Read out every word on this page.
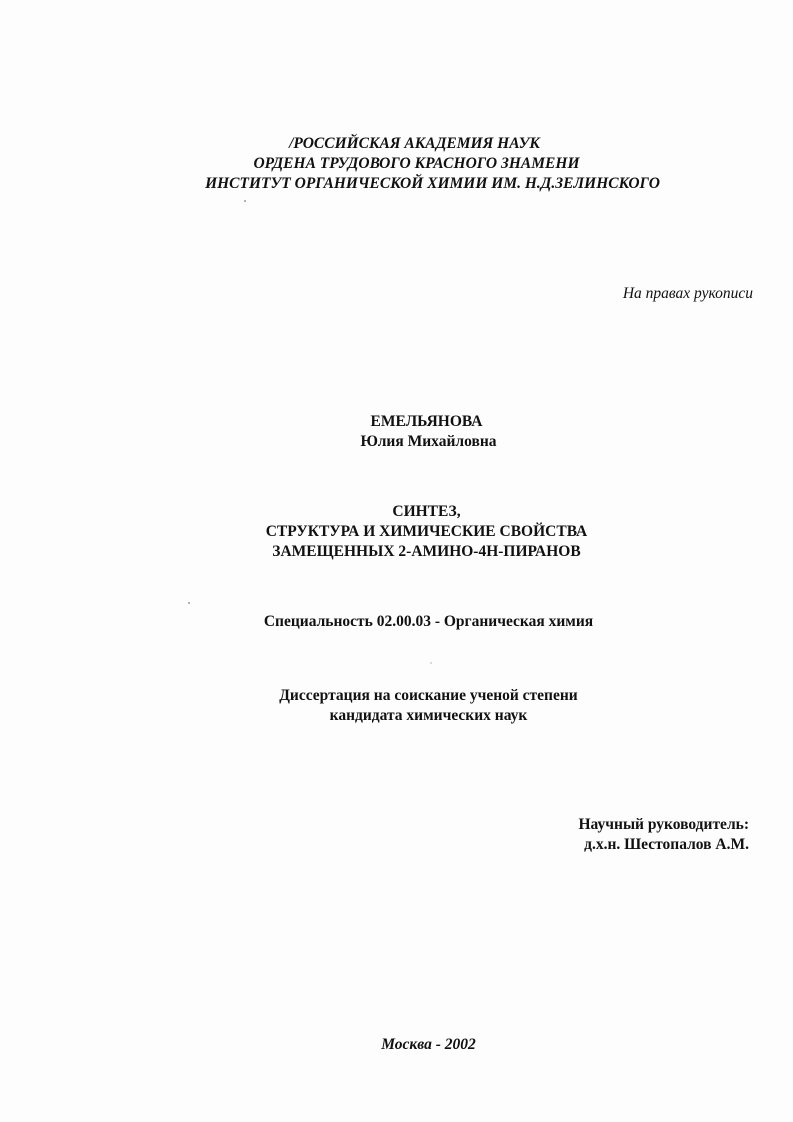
/РОССИЙСКАЯ АКАДЕМИЯ НАУК
ОРДЕНА ТРУДОВОГО КРАСНОГО ЗНАМЕНИ
ИНСТИТУТ ОРГАНИЧЕСКОЙ ХИМИИ ИМ. Н.Д.ЗЕЛИНСКОГО
На правах рукописи
ЕМЕЛЬЯНОВА
Юлия Михайловна
СИНТЕЗ,
СТРУКТУРА И ХИМИЧЕСКИЕ СВОЙСТВА
ЗАМЕЩЕННЫХ 2-АМИНО-4Н-ПИРАНОВ
Специальность 02.00.03 - Органическая химия
Диссертация на соискание ученой степени
кандидата химических наук
Научный руководитель:
д.х.н. Шестопалов А.М.
Москва - 2002
